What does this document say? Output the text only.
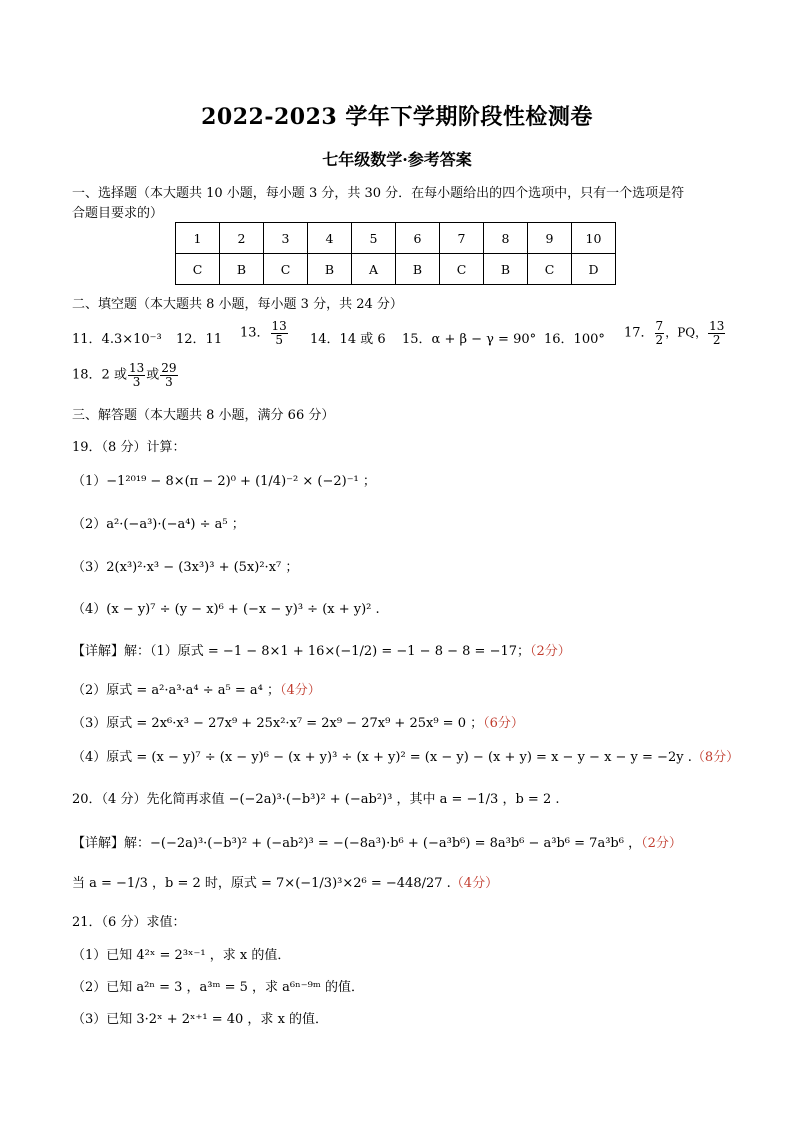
2022-2023 学年下学期阶段性检测卷
七年级数学·参考答案
一、选择题（本大题共 10 小题，每小题 3 分，共 30 分．在每小题给出的四个选项中，只有一个选项是符
合题目要求的）
1	2	3	4	5	6	7	8	9	10
C	B	C	B	A	B	C	B	C	D
二、填空题（本大题共 8 小题，每小题 3 分，共 24 分）
11．4.3×10⁻³ 12．11 13． $\frac{13}{5} 14$．14 或 6 15．α + β − γ = 90° 16．100° 17． $\frac{7}{2}$ ，PQ， $\frac{13}{2}$
18．2 或 $\frac{13}{3}$ 或 $\frac{29}{3}$
三、解答题（本大题共 8 小题，满分 66 分）
19．（8 分）计算：
（1）−1²⁰¹⁹ − 8×(π − 2)⁰ + (1/4)⁻² × (−2)⁻¹ ；
（2）a²·(−a³)·(−a⁴) ÷ a⁵ ；
（3）2(x³)²·x³ − (3x³)³ + (5x)²·x⁷ ；
（4）(x − y)⁷ ÷ (y − x)⁶ + (−x − y)³ ÷ (x + y)² .
【详解】解：（1）原式 = −1 − 8×1 + 16×(−1/2) = −1 − 8 − 8 = −17；（2分）
（2）原式 = a²·a³·a⁴ ÷ a⁵ = a⁴ ；（4分）
（3）原式 = 2x⁶·x³ − 27x⁹ + 25x²·x⁷ = 2x⁹ − 27x⁹ + 25x⁹ = 0 ；（6分）
（4）原式 = (x − y)⁷ ÷ (x − y)⁶ − (x + y)³ ÷ (x + y)² = (x − y) − (x + y) = x − y − x − y = −2y .（8分）
20．（4 分）先化简再求值 −(−2a)³·(−b³)² + (−ab²)³ ，其中 a = −1/3 ，b = 2 .
【详解】解：−(−2a)³·(−b³)² + (−ab²)³ = −(−8a³)·b⁶ + (−a³b⁶) = 8a³b⁶ − a³b⁶ = 7a³b⁶ ，（2分）
当 a = −1/3 ，b = 2 时，原式 = 7×(−1/3)³×2⁶ = −448/27 .（4分）
21．（6 分）求值：
（1）已知 4²ˣ = 2³ˣ⁻¹ ，求 x 的值．
（2）已知 a²ⁿ = 3 ，a³ᵐ = 5 ，求 a⁶ⁿ⁻⁹ᵐ 的值．
（3）已知 3·2ˣ + 2ˣ⁺¹ = 40 ，求 x 的值．
